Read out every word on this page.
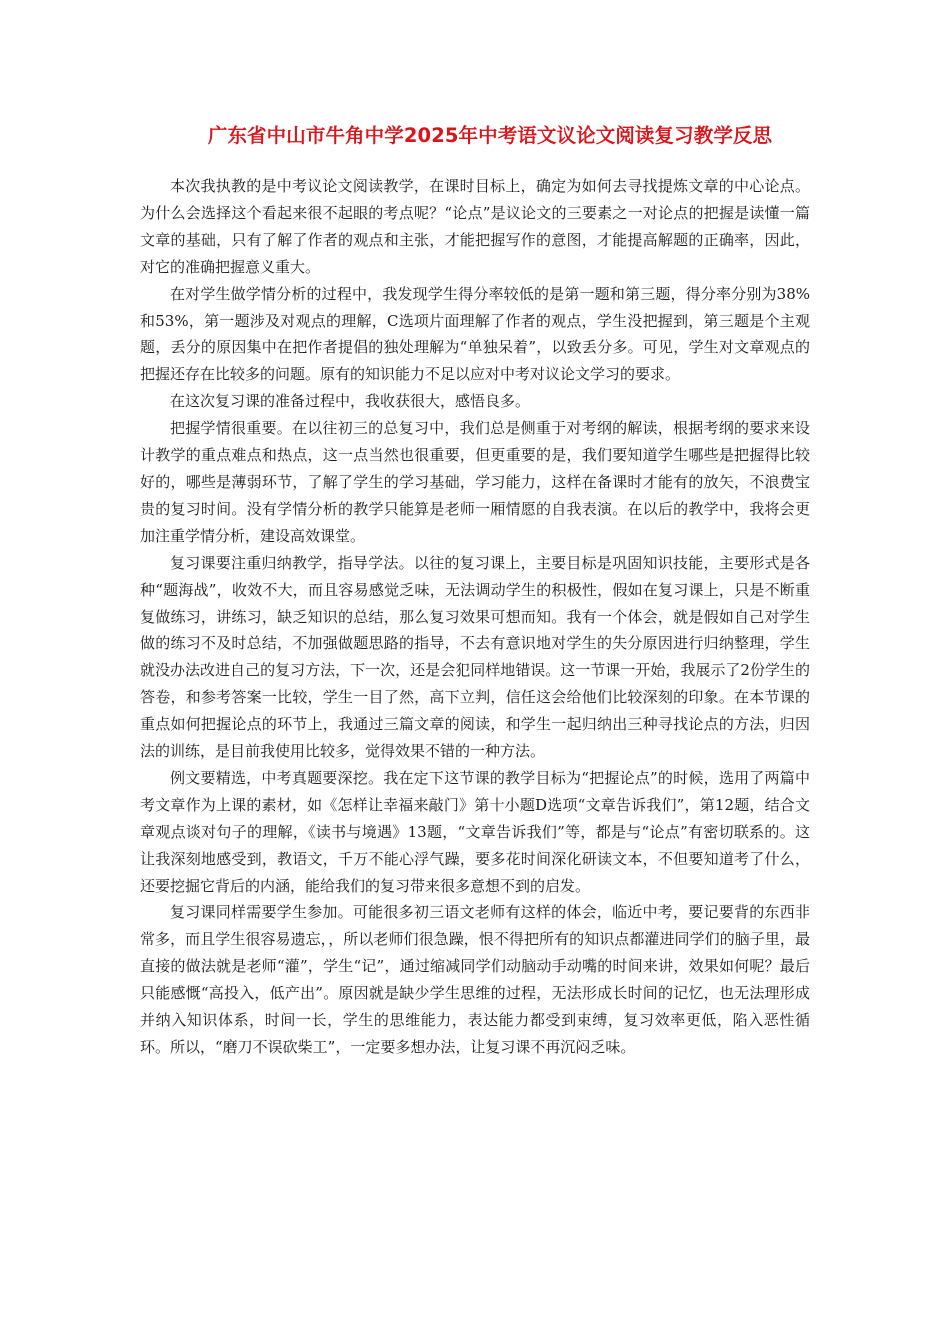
广东省中山市牛角中学2025年中考语文议论文阅读复习教学反思

本次我执教的是中考议论文阅读教学，在课时目标上，确定为如何去寻找提炼文章的中心论点。为什么会选择这个看起来很不起眼的考点呢？“论点”是议论文的三要素之一对论点的把握是读懂一篇文章的基础，只有了解了作者的观点和主张，才能把握写作的意图，才能提高解题的正确率，因此，对它的准确把握意义重大。

在对学生做学情分析的过程中，我发现学生得分率较低的是第一题和第三题，得分率分别为38%和53%，第一题涉及对观点的理解，C选项片面理解了作者的观点，学生没把握到，第三题是个主观题，丢分的原因集中在把作者提倡的独处理解为“单独呆着”，以致丢分多。可见，学生对文章观点的把握还存在比较多的问题。原有的知识能力不足以应对中考对议论文学习的要求。

在这次复习课的准备过程中，我收获很大，感悟良多。

把握学情很重要。在以往初三的总复习中，我们总是侧重于对考纲的解读，根据考纲的要求来设计教学的重点难点和热点，这一点当然也很重要，但更重要的是，我们要知道学生哪些是把握得比较好的，哪些是薄弱环节，了解了学生的学习基础，学习能力，这样在备课时才能有的放矢，不浪费宝贵的复习时间。没有学情分析的教学只能算是老师一厢情愿的自我表演。在以后的教学中，我将会更加注重学情分析，建设高效课堂。

复习课要注重归纳教学，指导学法。以往的复习课上，主要目标是巩固知识技能，主要形式是各种“题海战”，收效不大，而且容易感觉乏味，无法调动学生的积极性，假如在复习课上，只是不断重复做练习，讲练习，缺乏知识的总结，那么复习效果可想而知。我有一个体会，就是假如自己对学生做的练习不及时总结，不加强做题思路的指导，不去有意识地对学生的失分原因进行归纳整理，学生就没办法改进自己的复习方法，下一次，还是会犯同样地错误。这一节课一开始，我展示了2份学生的答卷，和参考答案一比较，学生一目了然，高下立判，信任这会给他们比较深刻的印象。在本节课的重点如何把握论点的环节上，我通过三篇文章的阅读，和学生一起归纳出三种寻找论点的方法，归因法的训练，是目前我使用比较多，觉得效果不错的一种方法。

例文要精选，中考真题要深挖。我在定下这节课的教学目标为“把握论点”的时候，选用了两篇中考文章作为上课的素材，如《怎样让幸福来敲门》第十小题D选项“文章告诉我们”，第12题，结合文章观点谈对句子的理解，《读书与境遇》13题，“文章告诉我们”等，都是与“论点”有密切联系的。这让我深刻地感受到，教语文，千万不能心浮气躁，要多花时间深化研读文本，不但要知道考了什么，还要挖掘它背后的内涵，能给我们的复习带来很多意想不到的启发。

复习课同样需要学生参加。可能很多初三语文老师有这样的体会，临近中考，要记要背的东西非常多，而且学生很容易遗忘，，所以老师们很急躁，恨不得把所有的知识点都灌进同学们的脑子里，最直接的做法就是老师“灌”，学生“记”，通过缩减同学们动脑动手动嘴的时间来讲，效果如何呢？最后只能感慨“高投入，低产出”。原因就是缺少学生思维的过程，无法形成长时间的记忆，也无法理形成并纳入知识体系，时间一长，学生的思维能力，表达能力都受到束缚，复习效率更低，陷入恶性循环。所以，“磨刀不误砍柴工”，一定要多想办法，让复习课不再沉闷乏味。
